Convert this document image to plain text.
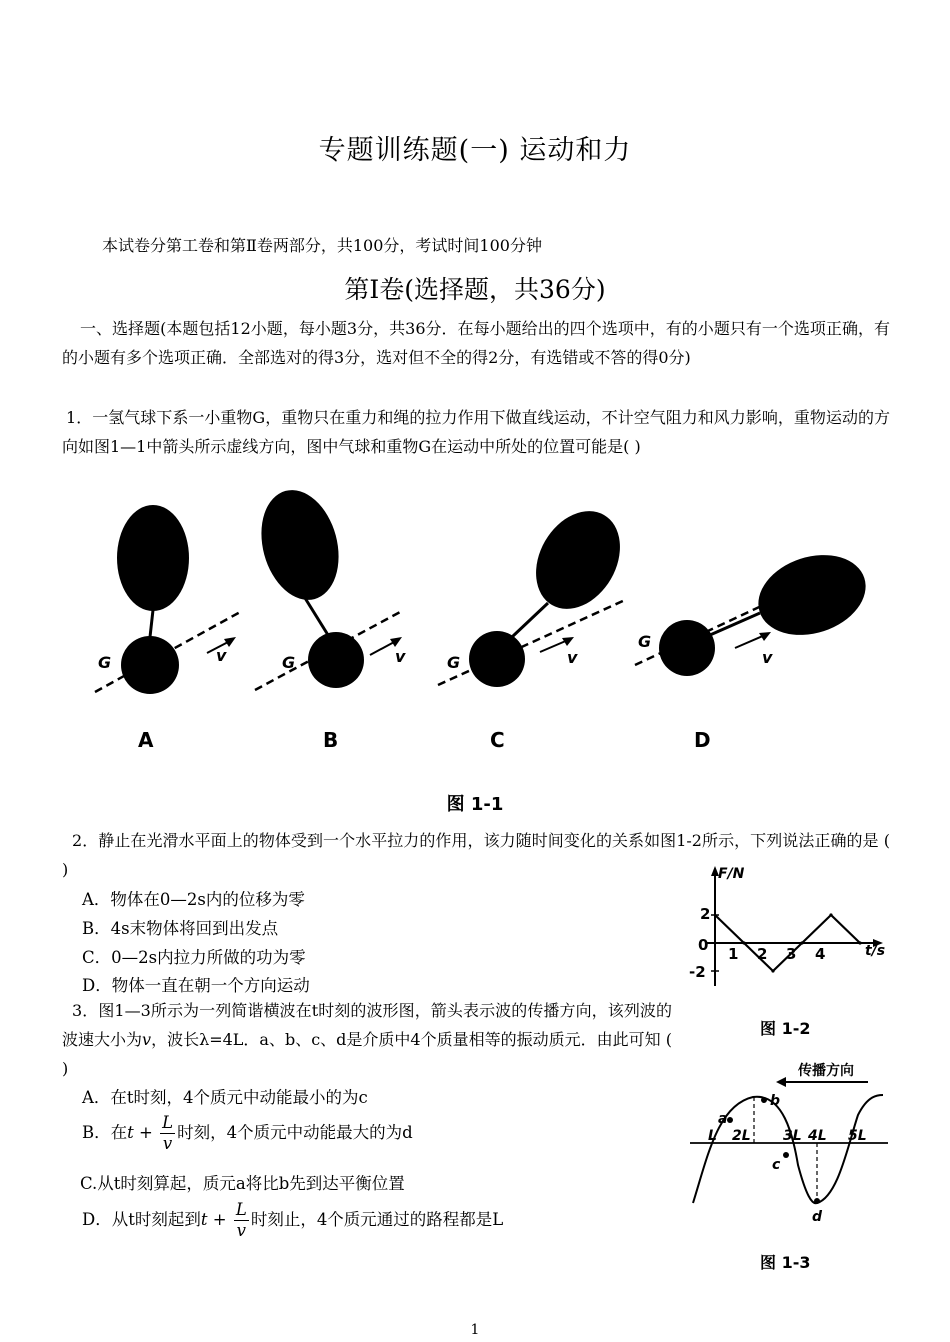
专题训练题(一) 运动和力
本试卷分第工卷和第Ⅱ卷两部分，共100分，考试时间100分钟
第Ⅰ卷(选择题，共36分)
一、选择题(本题包括12小题，每小题3分，共36分．在每小题给出的四个选项中，有的小题只有一个选项正确，有的小题有多个选项正确．全部选对的得3分，选对但不全的得2分，有选错或不答的得0分)
1．一氢气球下系一小重物G，重物只在重力和绳的拉力作用下做直线运动，不计空气阻力和风力影响，重物运动的方向如图1—1中箭头所示虚线方向，图中气球和重物G在运动中所处的位置可能是( )
G	v
A
G	v
B
G	v
C
G
v
D
图 1-1
2．静止在光滑水平面上的物体受到一个水平拉力的作用，该力随时间变化的关系如图1-2所示，下列说法正确的是 ( )
A．物体在0—2s内的位移为零
B．4s末物体将回到出发点
C．0—2s内拉力所做的功为零
D．物体一直在朝一个方向运动
F/N
t/s
2
-2
0 1 2 3 4
图 1-2
3．图1—3所示为一列简谐横波在t时刻的波形图，箭头表示波的传播方向，该列波的波速大小为v，波长λ=4L．a、b、c、d是介质中4个质量相等的振动质元．由此可知 ( )
A．在t时刻，4个质元中动能最小的为c
B．在$t + \frac{L}{v}$ 时刻，4个质元中动能最大的为d
C.从t时刻算起，质元a将比b先到达平衡位置
D．从t时刻起到$t + \frac{L}{v}$ 时刻止，4个质元通过的路程都是L
传播方向
a
b
c
d
L 2L 3L 4L 5L
图 1-3
1
